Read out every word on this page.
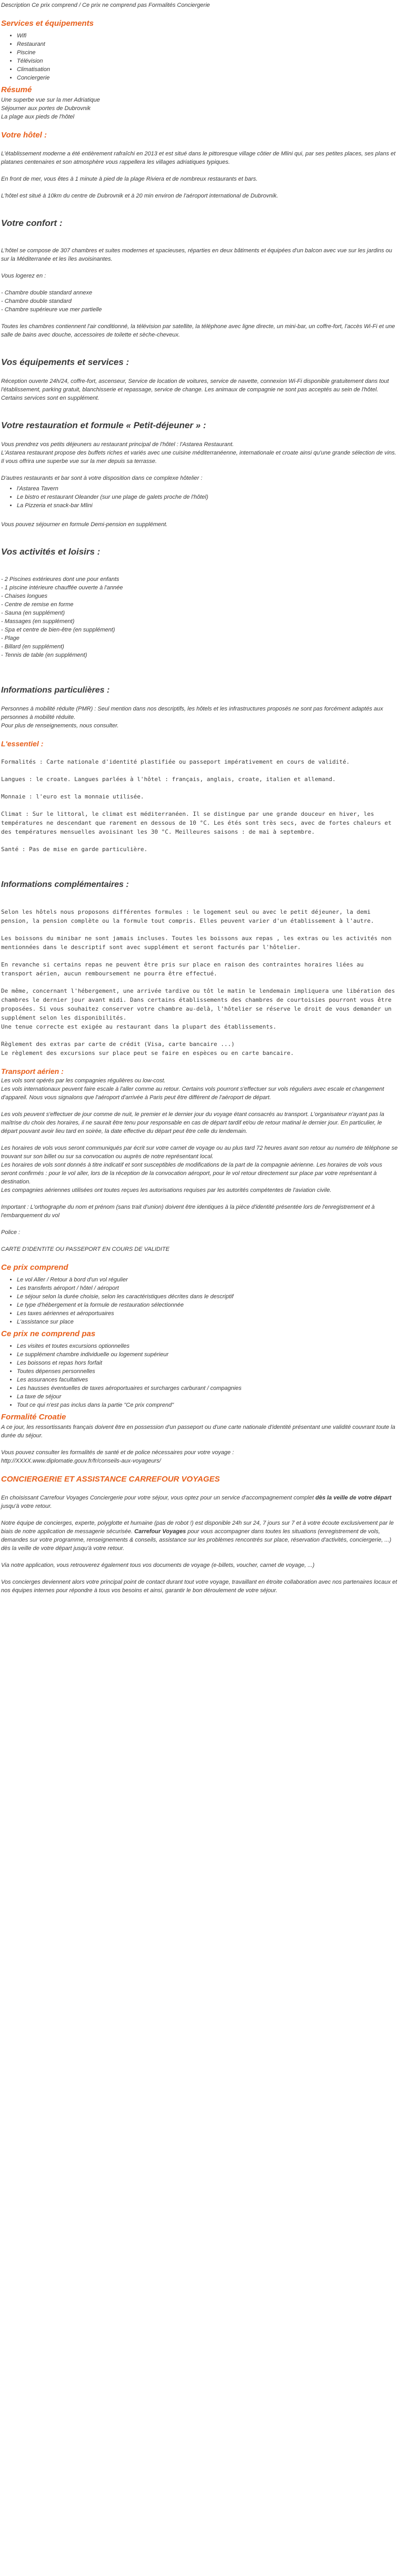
Description Ce prix comprend / Ce prix ne comprend pas Formalités Conciergerie

Services et équipements

• Wifi
• Restaurant
• Piscine
• Télévision
• Climatisation
• Conciergerie

Résumé

Une superbe vue sur la mer Adriatique

Séjourner aux portes de Dubrovnik

La plage aux pieds de l'hôtel

Votre hôtel :

L'établissement moderne a été entièrement rafraîchi en 2013 et est situé dans le pittoresque village côtier de Mlini qui, par ses petites places, ses plans et platanes centenaires et son atmosphère vous rappellera les villages adriatiques typiques.

En front de mer, vous êtes à 1 minute à pied de la plage Riviera et de nombreux restaurants et bars.

L'hôtel est situé à 10km du centre de Dubrovnik et à 20 min environ de l'aéroport international de Dubrovnik.

Votre confort :

L'hôtel se compose de 307 chambres et suites modernes et spacieuses, réparties en deux bâtiments et équipées d'un balcon avec vue sur les jardins ou sur la Méditerranée et les îles avoisinantes.

Vous logerez en :

- Chambre double standard annexe

- Chambre double standard

- Chambre supérieure vue mer partielle

Toutes les chambres contiennent l'air conditionné, la télévision par satellite, la téléphone avec ligne directe, un mini-bar, un coffre-fort, l'accès Wi-Fi et une salle de bains avec douche, accessoires de toilette et sèche-cheveux.

Vos équipements et services :

Réception ouverte 24h/24, coffre-fort, ascenseur, Service de location de voitures, service de navette, connexion Wi-Fi disponible gratuitement dans tout l'établissement, parking gratuit, blanchisserie et repassage, service de change. Les animaux de compagnie ne sont pas acceptés au sein de l'hôtel.

Certains services sont en supplément.

Votre restauration et formule « Petit-déjeuner » :

Vous prendrez vos petits déjeuners au restaurant principal de l'hôtel : l'Astarea Restaurant.

L'Astarea restaurant propose des buffets riches et variés avec une cuisine méditerranéenne, internationale et croate ainsi qu'une grande sélection de vins.

Il vous offrira une superbe vue sur la mer depuis sa terrasse.

D'autres restaurants et bar sont à votre disposition dans ce complexe hôtelier :

• l'Astarea Tavern
• Le bistro et restaurant Oleander (sur une plage de galets proche de l'hôtel)
• La Pizzeria et snack-bar Mlini

Vous pouvez séjourner en formule Demi-pension en supplément.

Vos activités et loisirs :

- 2 Piscines extérieures dont une pour enfants

- 1 piscine intérieure chauffée ouverte à l'année

- Chaises longues

- Centre de remise en forme

- Sauna (en supplément)

- Massages (en supplément)

- Spa et centre de bien-être (en supplément)

- Plage

- Billard (en supplément)

- Tennis de table (en supplément)

Informations particulières :

Personnes à mobilité réduite (PMR) : Seul mention dans nos descriptifs, les hôtels et les infrastructures proposés ne sont pas forcément adaptés aux personnes à mobilité réduite.

Pour plus de renseignements, nous consulter.

L'essentiel :

Formalités : Carte nationale d'identité plastifiée ou passeport impérativement en cours de validité.

Langues : le croate. Langues parlées à l'hôtel : français, anglais, croate, italien et allemand.

Monnaie : l'euro est la monnaie utilisée.

Climat : Sur le littoral, le climat est méditerranéen. Il se distingue par une grande douceur en hiver, les températures ne descendant que rarement en dessous de 10 °C. Les étés sont très secs, avec de fortes chaleurs et des températures mensuelles avoisinant les 30 °C. Meilleures saisons : de mai à septembre.

Santé : Pas de mise en garde particulière.

Informations complémentaires :

Selon les hôtels nous proposons différentes formules : le logement seul ou avec le petit déjeuner, la demi pension, la pension complète ou la formule tout compris. Elles peuvent varier d'un établissement à l'autre.

Les boissons du minibar ne sont jamais incluses. Toutes les boissons aux repas , les extras ou les activités non mentionnées dans le descriptif sont avec supplément et seront facturés par l'hôtelier.

En revanche si certains repas ne peuvent être pris sur place en raison des contraintes horaires liées au transport aérien, aucun remboursement ne pourra être effectué.

De même, concernant l'hébergement, une arrivée tardive ou tôt le matin le lendemain impliquera une libération des chambres le dernier jour avant midi. Dans certains établissements des chambres de courtoisies pourront vous être proposées. Si vous souhaitez conserver votre chambre au-delà, l'hôtelier se réserve le droit de vous demander un supplément selon les disponibilités.

Une tenue correcte est exigée au restaurant dans la plupart des établissements.

Règlement des extras par carte de crédit (Visa, carte bancaire ...)

Le règlement des excursions sur place peut se faire en espèces ou en carte bancaire.

Transport aérien :

Les vols sont opérés par les compagnies régulières ou low-cost.

Les vols internationaux peuvent faire escale à l'aller comme au retour. Certains vols pourront s'effectuer sur vols réguliers avec escale et changement d'appareil. Nous vous signalons que l'aéroport d'arrivée à Paris peut être différent de l'aéroport de départ.

Les vols peuvent s'effectuer de jour comme de nuit, le premier et le dernier jour du voyage étant consacrés au transport. L'organisateur n'ayant pas la maîtrise du choix des horaires, il ne saurait être tenu pour responsable en cas de départ tardif et/ou de retour matinal le dernier jour. En particulier, le départ pouvant avoir lieu tard en soirée, la date effective du départ peut être celle du lendemain.

Les horaires de vols vous seront communiqués par écrit sur votre carnet de voyage ou au plus tard 72 heures avant son retour au numéro de téléphone se trouvant sur son billet ou sur sa convocation ou auprès de notre représentant local.

Les horaires de vols sont donnés à titre indicatif et sont susceptibles de modifications de la part de la compagnie aérienne. Les horaires de vols vous seront confirmés : pour le vol aller, lors de la réception de la convocation aéroport, pour le vol retour directement sur place par votre représentant à destination.

Les compagnies aériennes utilisées ont toutes reçues les autorisations requises par les autorités compétentes de l'aviation civile.

Important : L'orthographe du nom et prénom (sans trait d'union) doivent être identiques à la pièce d'identité présentée lors de l'enregistrement et à l'embarquement du vol

Police :

CARTE D'IDENTITE OU PASSEPORT EN COURS DE VALIDITE

Ce prix comprend

• Le vol Aller / Retour à bord d'un vol régulier
• Les transferts aéroport / hôtel / aéroport
• Le séjour selon la durée choisie, selon les caractéristiques décrites dans le descriptif
• Le type d'hébergement et la formule de restauration sélectionnée
• Les taxes aériennes et aéroportuaires
• L'assistance sur place

Ce prix ne comprend pas

• Les visites et toutes excursions optionnelles
• Le supplément chambre individuelle ou logement supérieur
• Les boissons et repas hors forfait
• Toutes dépenses personnelles
• Les assurances facultatives
• Les hausses éventuelles de taxes aéroportuaires et surcharges carburant / compagnies
• La taxe de séjour
• Tout ce qui n'est pas inclus dans la partie "Ce prix comprend"

Formalité Croatie

A ce jour, les ressortissants français doivent être en possession d'un passeport ou d'une carte nationale d'identité présentant une validité couvrant toute la durée du séjour.

Vous pouvez consulter les formalités de santé et de police nécessaires pour votre voyage :

http://XXXX.www.diplomatie.gouv.fr/fr/conseils-aux-voyageurs/

CONCIERGERIE ET ASSISTANCE CARREFOUR VOYAGES

En choisissant Carrefour Voyages Conciergerie pour votre séjour, vous optez pour un service d'accompagnement complet dès la veille de votre départ jusqu'à votre retour.

Notre équipe de concierges, experte, polyglotte et humaine (pas de robot !) est disponible 24h sur 24, 7 jours sur 7 et à votre écoute exclusivement par le biais de notre application de messagerie sécurisée. Carrefour Voyages pour vous accompagner dans toutes les situations (enregistrement de vols, demandes sur votre programme, renseignements & conseils, assistance sur les problèmes rencontrés sur place, réservation d'activités, conciergerie, ...) dès la veille de votre départ jusqu'à votre retour.

Via notre application, vous retrouverez également tous vos documents de voyage (e-billets, voucher, carnet de voyage, ...)

Vos concierges deviennent alors votre principal point de contact durant tout votre voyage, travaillant en étroite collaboration avec nos partenaires locaux et nos équipes internes pour répondre à tous vos besoins et ainsi, garantir le bon déroulement de votre séjour.
